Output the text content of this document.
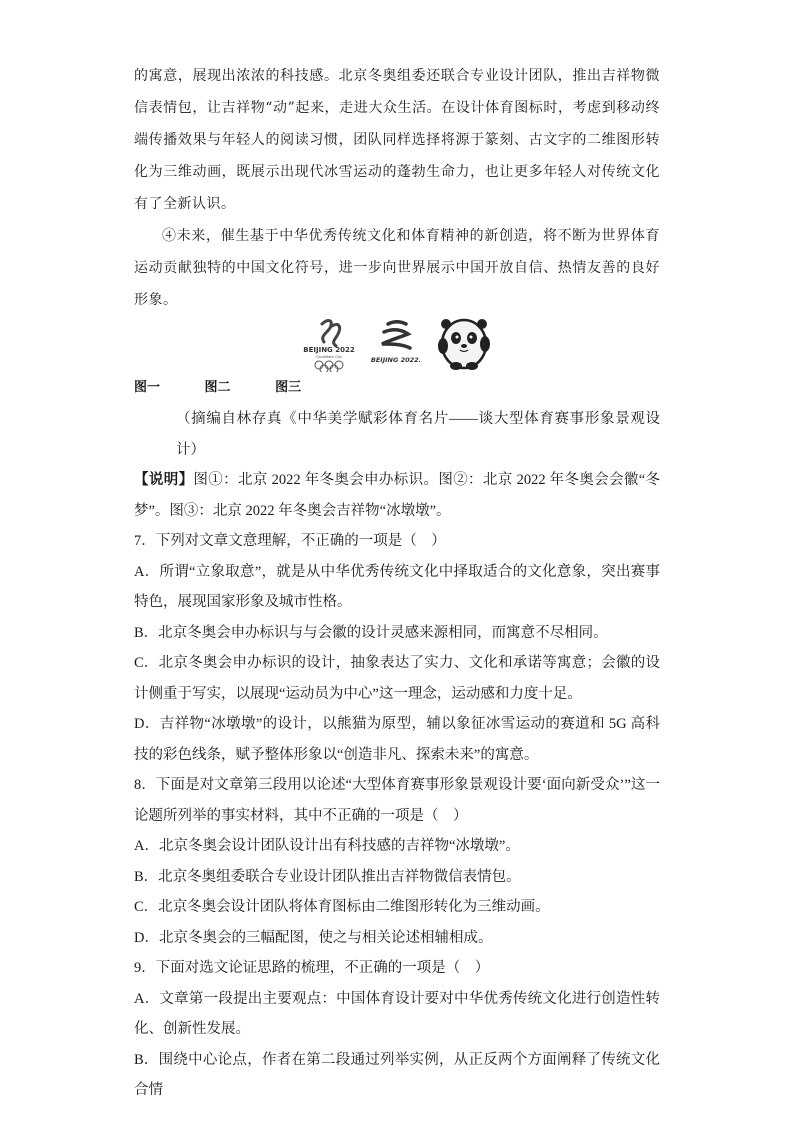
的寓意，展现出浓浓的科技感。北京冬奥组委还联合专业设计团队，推出吉祥物微信表情包，让吉祥物“动”起来，走进大众生活。在设计体育图标时，考虑到移动终端传播效果与年轻人的阅读习惯，团队同样选择将源于篆刻、古文字的二维图形转化为三维动画，既展示出现代冰雪运动的蓬勃生命力，也让更多年轻人对传统文化有了全新认识。

④未来，催生基于中华优秀传统文化和体育精神的新创造，将不断为世界体育运动贡献独特的中国文化符号，进一步向世界展示中国开放自信、热情友善的良好形象。

BEIJING 2022
Candidate City	BEIJING 2022.
图一	图二	图三

（摘编自林存真《中华美学赋彩体育名片——谈大型体育赛事形象景观设计）

【说明】图①：北京 2022 年冬奥会申办标识。图②：北京 2022 年冬奥会会徽“冬梦”。图③：北京 2022 年冬奥会吉祥物“冰墩墩”。

7．下列对文章文意理解，不正确的一项是（　）

A．所谓“立象取意”，就是从中华优秀传统文化中择取适合的文化意象，突出赛事特色，展现国家形象及城市性格。

B．北京冬奥会申办标识与与会徽的设计灵感来源相同，而寓意不尽相同。

C．北京冬奥会申办标识的设计，抽象表达了实力、文化和承诺等寓意；会徽的设计侧重于写实，以展现“运动员为中心”这一理念，运动感和力度十足。

D．吉祥物“冰墩墩”的设计，以熊猫为原型，辅以象征冰雪运动的赛道和 5G 高科技的彩色线条，赋予整体形象以“创造非凡、探索未来”的寓意。

8．下面是对文章第三段用以论述“大型体育赛事形象景观设计要‘面向新受众’”这一论题所列举的事实材料，其中不正确的一项是（　）

A．北京冬奥会设计团队设计出有科技感的吉祥物“冰墩墩”。

B．北京冬奥组委联合专业设计团队推出吉祥物微信表情包。

C．北京冬奥会设计团队将体育图标由二维图形转化为三维动画。

D．北京冬奥会的三幅配图，使之与相关论述相辅相成。

9．下面对选文论证思路的梳理，不正确的一项是（　）

A．文章第一段提出主要观点：中国体育设计要对中华优秀传统文化进行创造性转化、创新性发展。

B．围绕中心论点，作者在第二段通过列举实例，从正反两个方面阐释了传统文化合情
